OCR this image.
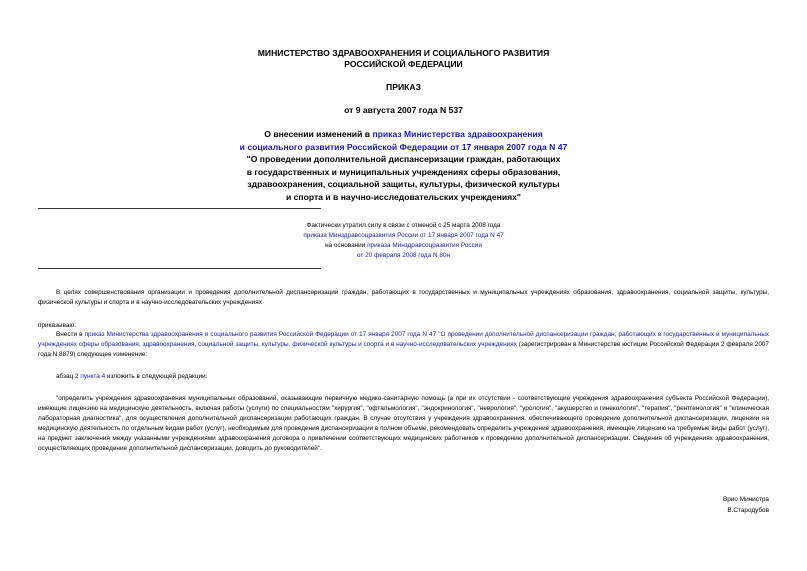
МИНИСТЕРСТВО ЗДРАВООХРАНЕНИЯ И СОЦИАЛЬНОГО РАЗВИТИЯ
РОССИЙСКОЙ ФЕДЕРАЦИИ
ПРИКАЗ
от 9 августа 2007 года N 537
О внесении изменений в приказ Министерства здравоохранения
и социального развития Российской Федерации от 17 января 2007 года N 47
"О проведении дополнительной диспансеризации граждан, работающих
в государственных и муниципальных учреждениях сферы образования,
здравоохранения, социальной защиты, культуры, физической культуры
и спорта и в научно-исследовательских учреждениях"
Фактически утратил силу в связи с отменой с 25 марта 2008 года
приказа Минздравсоцразвития России от 17 января 2007 года N 47
на основании приказа Минздравсоцразвития России
от 20 февраля 2008 года N 80н
В целях совершенствования организации и проведения дополнительной диспансеризации граждан, работающих в государственных и муниципальных учреждениях образования, здравоохранения, социальной защиты, культуры, физической культуры и спорта и в научно-исследовательских учреждениях
приказываю:
Внести в приказ Министерства здравоохранения и социального развития Российской Федерации от 17 января 2007 года N 47 "О проведении дополнительной диспансеризации граждан, работающих в государственных и муниципальных учреждениях сферы образования, здравоохранения, социальной защиты, культуры, физической культуры и спорта и в научно-исследовательских учреждениях (зарегистрирован в Министерстве юстиции Российской Федерации 2 февраля 2007 года N 8879) следующее изменение:
абзац 2 пункта 4 изложить в следующей редакции:
"определить учреждения здравоохранения муниципальных образований, оказывающие первичную медико-санитарную помощь (а при их отсутствии - соответствующие учреждения здравоохранения субъекта Российской Федерации), имеющие лицензию на медицинскую деятельность, включая работы (услуги) по специальностям "хирургия", "офтальмология", "эндокринология", "неврология", "урология", "акушерство и гинекология", "терапия", "рентгенология" и "клиническая лабораторная диагностика", для осуществления дополнительной диспансеризации работающих граждан. В случае отсутствия у учреждения здравоохранения, обеспечивающего проведение дополнительной диспансеризации, лицензии на медицинскую деятельность по отдельным видам работ (услуг), необходимым для проведения диспансеризации в полном объеме, рекомендовать определить учреждение здравоохранения, имеющее лицензию на требуемые виды работ (услуг), на предмет заключения между указанными учреждениями здравоохранения договора о привлечении соответствующих медицинских работников к проведению дополнительной диспансеризации. Сведения об учреждениях здравоохранения, осуществляющих проведение дополнительной диспансеризации, доводить до руководителей".
Врио Министра
В.Стародубов
